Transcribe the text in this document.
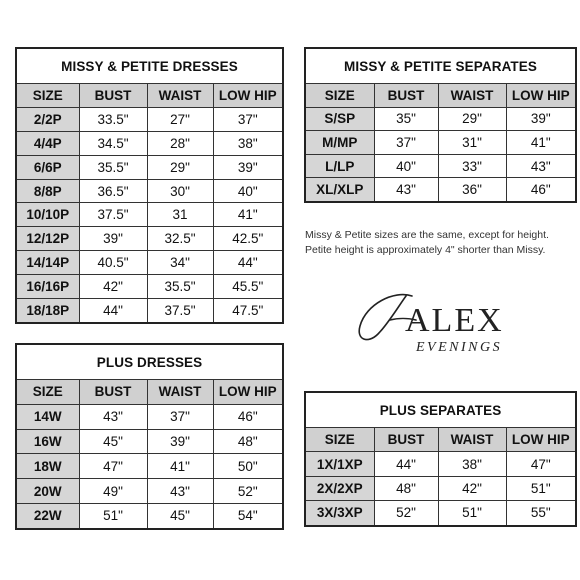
MISSY & PETITE DRESSES			
SIZE	BUST	WAIST	LOW HIP
2/2P	33.5"	27"	37"
4/4P	34.5"	28"	38"
6/6P	35.5"	29"	39"
8/8P	36.5"	30"	40"
10/10P	37.5"	31	41"
12/12P	39"	32.5"	42.5"
14/14P	40.5"	34"	44"
16/16P	42"	35.5"	45.5"
18/18P	44"	37.5"	47.5"
MISSY & PETITE SEPARATES			
SIZE	BUST	WAIST	LOW HIP
S/SP	35"	29"	39"
M/MP	37"	31"	41"
L/LP	40"	33"	43"
XL/XLP	43"	36"	46"
Missy & Petite sizes are the same, except for height.
Petite height is approximately 4" shorter than Missy.
ALEX
EVENINGS
PLUS DRESSES			
SIZE	BUST	WAIST	LOW HIP
14W	43"	37"	46"
16W	45"	39"	48"
18W	47"	41"	50"
20W	49"	43"	52"
22W	51"	45"	54"
PLUS SEPARATES			
SIZE	BUST	WAIST	LOW HIP
1X/1XP	44"	38"	47"
2X/2XP	48"	42"	51"
3X/3XP	52"	51"	55"
